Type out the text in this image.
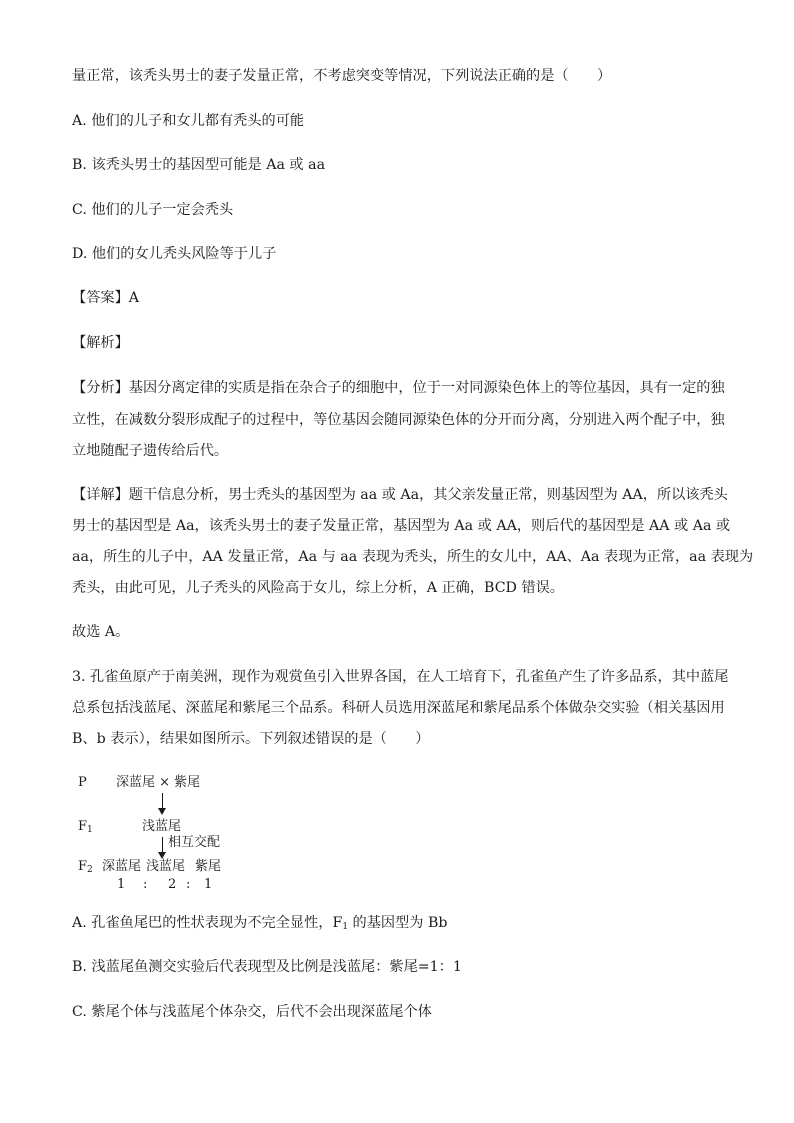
量正常，该秃头男士的妻子发量正常，不考虑突变等情况，下列说法正确的是（　　）
A. 他们的儿子和女儿都有秃头的可能
B. 该秃头男士的基因型可能是 Aa 或 aa
C. 他们的儿子一定会秃头
D. 他们的女儿秃头风险等于儿子
【答案】A
【解析】
【分析】基因分离定律的实质是指在杂合子的细胞中，位于一对同源染色体上的等位基因，具有一定的独
立性，在减数分裂形成配子的过程中，等位基因会随同源染色体的分开而分离，分别进入两个配子中，独
立地随配子遗传给后代。
【详解】题干信息分析，男士秃头的基因型为 aa 或 Aa，其父亲发量正常，则基因型为 AA，所以该秃头
男士的基因型是 Aa，该秃头男士的妻子发量正常，基因型为 Aa 或 AA，则后代的基因型是 AA 或 Aa 或
aa，所生的儿子中，AA 发量正常，Aa 与 aa 表现为秃头，所生的女儿中，AA、Aa 表现为正常，aa 表现为
秃头，由此可见，儿子秃头的风险高于女儿，综上分析，A 正确，BCD 错误。
故选 A。
3. 孔雀鱼原产于南美洲，现作为观赏鱼引入世界各国，在人工培育下，孔雀鱼产生了许多品系，其中蓝尾
总系包括浅蓝尾、深蓝尾和紫尾三个品系。科研人员选用深蓝尾和紫尾品系个体做杂交实验（相关基因用
B、b 表示），结果如图所示。下列叙述错误的是（　　）
P 深蓝尾 × 紫尾
$F_1$	浅蓝尾
相互交配
$F_2$ 深蓝尾 浅蓝尾 紫尾
1 : 2 : 1
A. 孔雀鱼尾巴的性状表现为不完全显性，$F_1$ 的基因型为 Bb
B. 浅蓝尾鱼测交实验后代表现型及比例是浅蓝尾：紫尾=1：1
C. 紫尾个体与浅蓝尾个体杂交，后代不会出现深蓝尾个体
